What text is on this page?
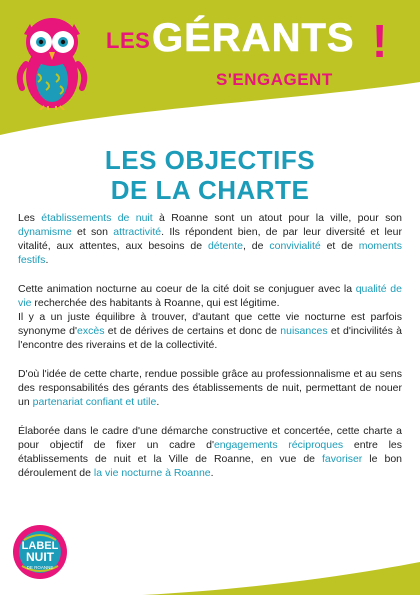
LES GÉRANTS !
S'ENGAGENT
LES OBJECTIFS
DE LA CHARTE

Les établissements de nuit à Roanne sont un atout pour la ville, pour son dynamisme et son attractivité. Ils répondent bien, de par leur diversité et leur vitalité, aux attentes, aux besoins de détente, de convivialité et de moments festifs.

Cette animation nocturne au coeur de la cité doit se conjuguer avec la qualité de vie recherchée des habitants à Roanne, qui est légitime.

Il y a un juste équilibre à trouver, d'autant que cette vie nocturne est parfois synonyme d'excès et de dérives de certains et donc de nuisances et d'incivilités à l'encontre des riverains et de la collectivité.

D'où l'idée de cette charte, rendue possible grâce au professionnalisme et au sens des responsabilités des gérants des établissements de nuit, permettant de nouer un partenariat confiant et utile.

Élaborée dans le cadre d'une démarche constructive et concertée, cette charte a pour objectif de fixer un cadre d'engagements réciproques entre les établissements de nuit et la Ville de Roanne, en vue de favoriser le bon déroulement de la vie nocturne à Roanne.

LABEL
NUIT
DE ROANNE
